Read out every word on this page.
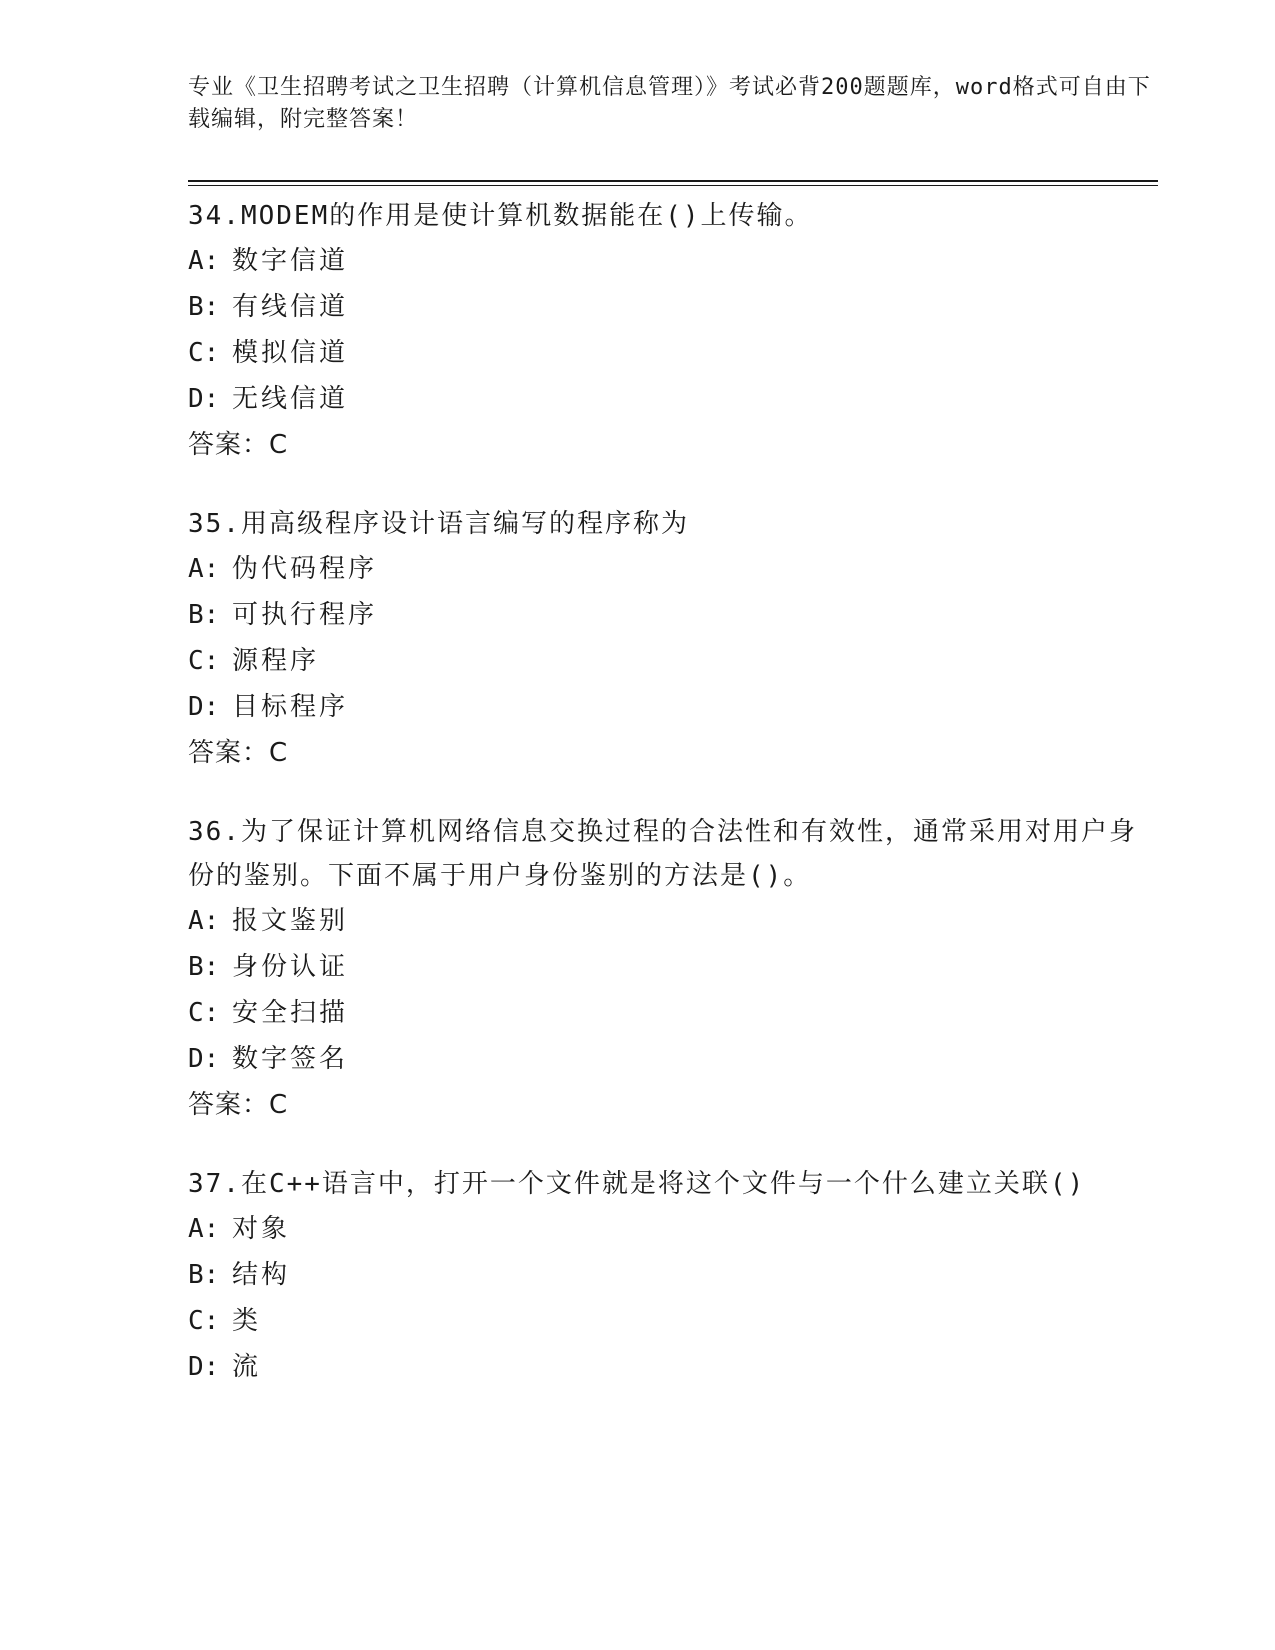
专业《卫生招聘考试之卫生招聘（计算机信息管理）》考试必背200题题库，word格式可自由下载编辑，附完整答案！

34.MODEM的作用是使计算机数据能在()上传输。

A: 数字信道

B: 有线信道

C: 模拟信道

D: 无线信道

答案：C

35.用高级程序设计语言编写的程序称为

A: 伪代码程序

B: 可执行程序

C: 源程序

D: 目标程序

答案：C

36.为了保证计算机网络信息交换过程的合法性和有效性，通常采用对用户身份的鉴别。下面不属于用户身份鉴别的方法是()。

A: 报文鉴别

B: 身份认证

C: 安全扫描

D: 数字签名

答案：C

37.在C++语言中，打开一个文件就是将这个文件与一个什么建立关联()

A: 对象

B: 结构

C: 类

D: 流
